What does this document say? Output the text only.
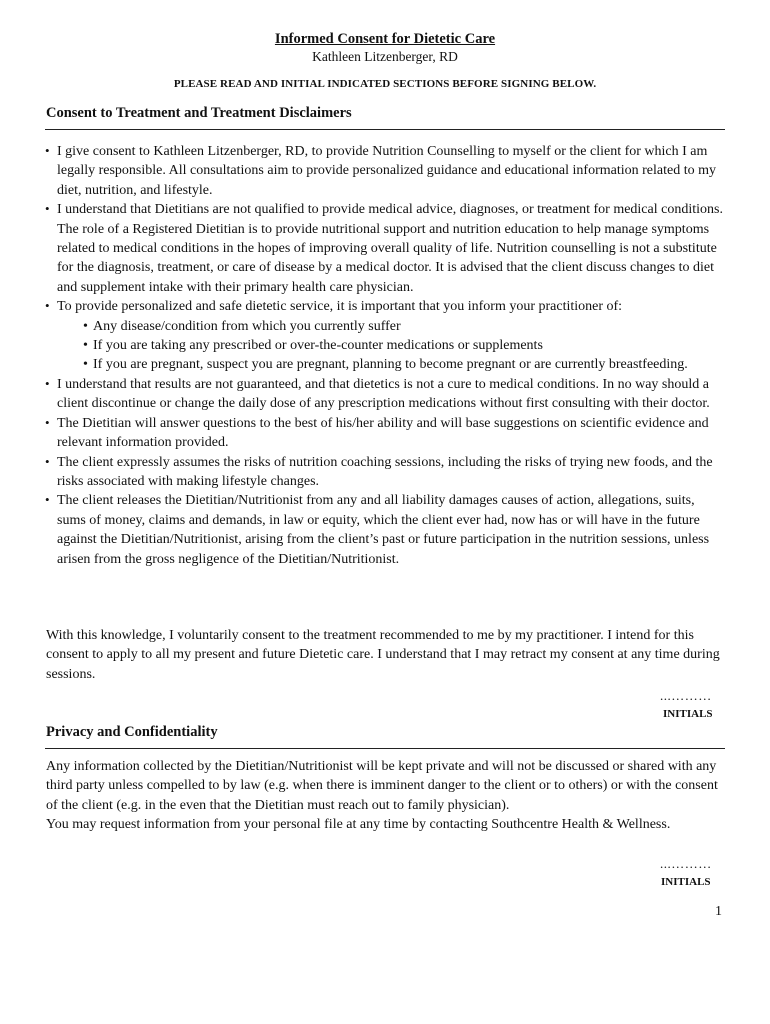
Informed Consent for Dietetic Care
Kathleen Litzenberger, RD
PLEASE READ AND INITIAL INDICATED SECTIONS BEFORE SIGNING BELOW.
Consent to Treatment and Treatment Disclaimers
• I give consent to Kathleen Litzenberger, RD, to provide Nutrition Counselling to myself or the client for which I am legally responsible. All consultations aim to provide personalized guidance and educational information related to my diet, nutrition, and lifestyle.
• I understand that Dietitians are not qualified to provide medical advice, diagnoses, or treatment for medical conditions. The role of a Registered Dietitian is to provide nutritional support and nutrition education to help manage symptoms related to medical conditions in the hopes of improving overall quality of life. Nutrition counselling is not a substitute for the diagnosis, treatment, or care of disease by a medical doctor. It is advised that the client discuss changes to diet and supplement intake with their primary health care physician.
• To provide personalized and safe dietetic service, it is important that you inform your practitioner of:
• Any disease/condition from which you currently suffer
• If you are taking any prescribed or over-the-counter medications or supplements
• If you are pregnant, suspect you are pregnant, planning to become pregnant or are currently breastfeeding.
• I understand that results are not guaranteed, and that dietetics is not a cure to medical conditions. In no way should a client discontinue or change the daily dose of any prescription medications without first consulting with their doctor.
• The Dietitian will answer questions to the best of his/her ability and will base suggestions on scientific evidence and relevant information provided.
• The client expressly assumes the risks of nutrition coaching sessions, including the risks of trying new foods, and the risks associated with making lifestyle changes.
• The client releases the Dietitian/Nutritionist from any and all liability damages causes of action, allegations, suits, sums of money, claims and demands, in law or equity, which the client ever had, now has or will have in the future against the Dietitian/Nutritionist, arising from the client’s past or future participation in the nutrition sessions, unless arisen from the gross negligence of the Dietitian/Nutritionist.

With this knowledge, I voluntarily consent to the treatment recommended to me by my practitioner. I intend for this consent to apply to all my present and future Dietetic care. I understand that I may retract my consent at any time during sessions.

...………
INITIALS
Privacy and Confidentiality

Any information collected by the Dietitian/Nutritionist will be kept private and will not be discussed or shared with any third party unless compelled to by law (e.g. when there is imminent danger to the client or to others) or with the consent of the client (e.g. in the even that the Dietitian must reach out to family physician).

You may request information from your personal file at any time by contacting Southcentre Health & Wellness.

...………
INITIALS
1
